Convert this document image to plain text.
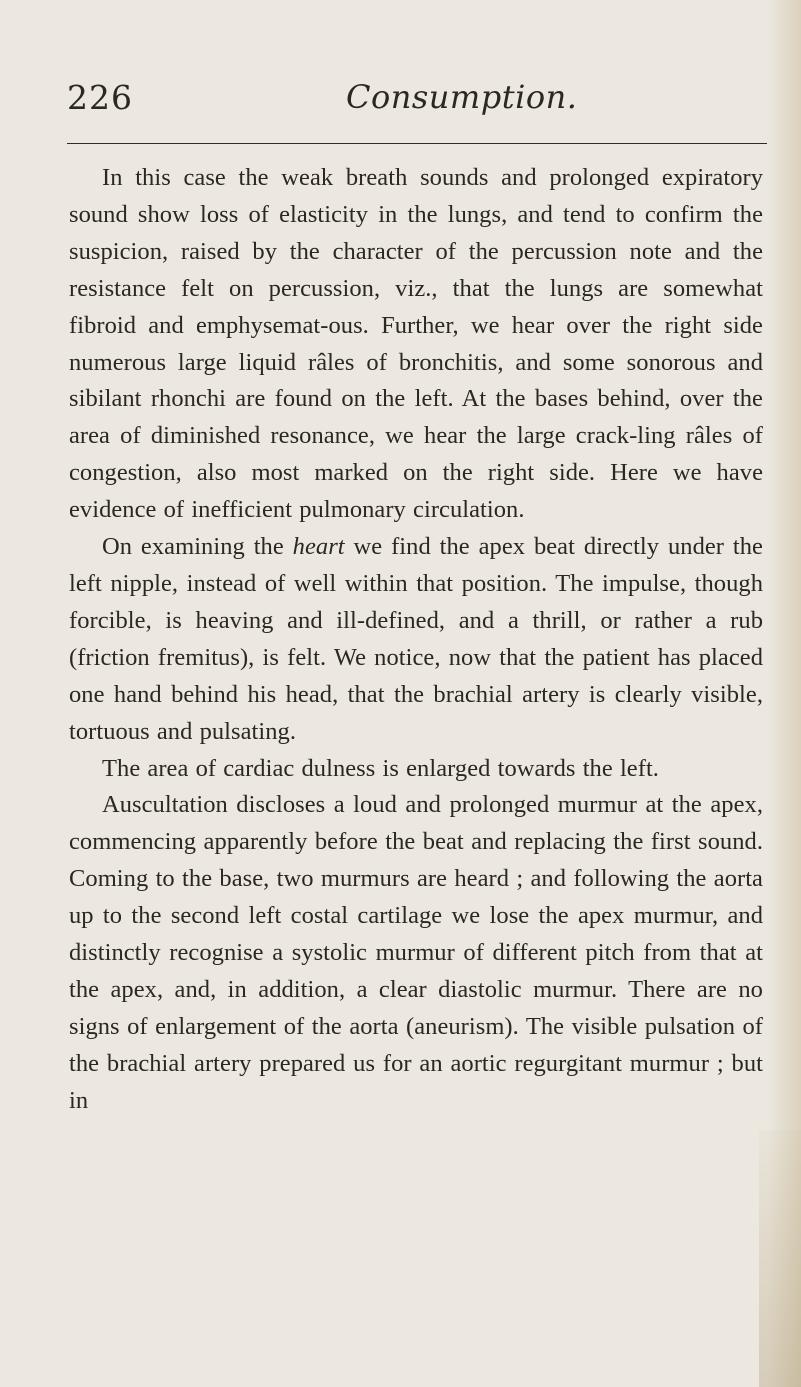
226	Consumption.

In this case the weak breath sounds and prolonged expiratory sound show loss of elasticity in the lungs, and tend to confirm the suspicion, raised by the character of the percussion note and the resistance felt on percussion, viz., that the lungs are somewhat fibroid and emphysemat-ous. Further, we hear over the right side numerous large liquid râles of bronchitis, and some sonorous and sibilant rhonchi are found on the left. At the bases behind, over the area of diminished resonance, we hear the large crack-ling râles of congestion, also most marked on the right side. Here we have evidence of inefficient pulmonary circulation.

On examining the heart we find the apex beat directly under the left nipple, instead of well within that position. The impulse, though forcible, is heaving and ill-defined, and a thrill, or rather a rub (friction fremitus), is felt. We notice, now that the patient has placed one hand behind his head, that the brachial artery is clearly visible, tortuous and pulsating.

The area of cardiac dulness is enlarged towards the left.

Auscultation discloses a loud and prolonged murmur at the apex, commencing apparently before the beat and replacing the first sound. Coming to the base, two murmurs are heard ; and following the aorta up to the second left costal cartilage we lose the apex murmur, and distinctly recognise a systolic murmur of different pitch from that at the apex, and, in addition, a clear diastolic murmur. There are no signs of enlargement of the aorta (aneurism). The visible pulsation of the brachial artery prepared us for an aortic regurgitant murmur ; but in
